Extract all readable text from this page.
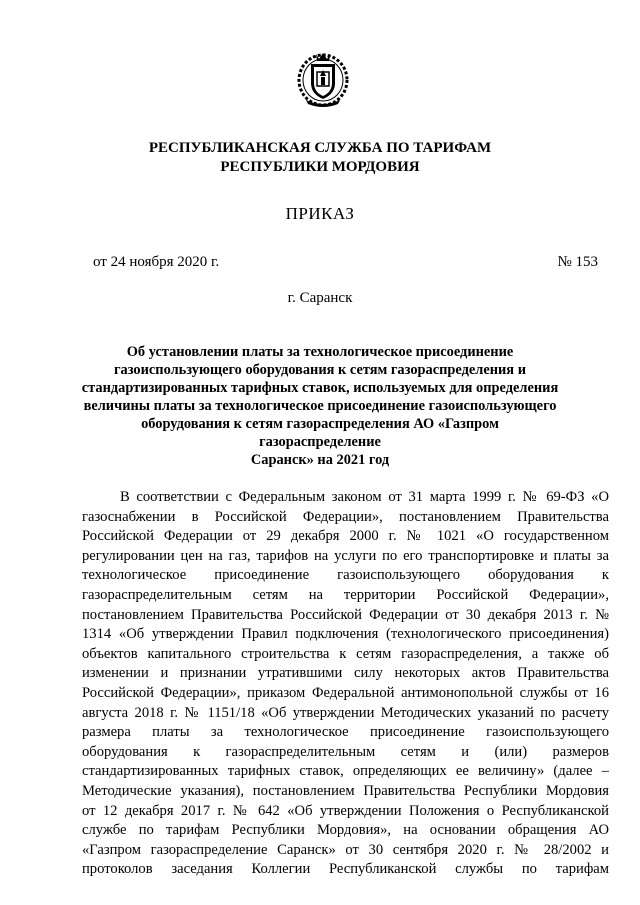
РЕСПУБЛИКАНСКАЯ СЛУЖБА ПО ТАРИФАМ
РЕСПУБЛИКИ МОРДОВИЯ
ПРИКАЗ
от 24 ноября 2020 г.	№ 153
г. Саранск
Об установлении платы за технологическое присоединение
газоиспользующего оборудования к сетям газораспределения и
стандартизированных тарифных ставок, используемых для определения
величины платы за технологическое присоединение газоиспользующего
оборудования к сетям газораспределения АО «Газпром газораспределение
Саранск» на 2021 год
В соответствии с Федеральным законом от 31 марта 1999 г. № 69-ФЗ «О
газоснабжении в Российской Федерации», постановлением Правительства
Российской Федерации от 29 декабря 2000 г. № 1021 «О государственном
регулировании цен на газ, тарифов на услуги по его транспортировке и платы за
технологическое присоединение газоиспользующего оборудования к
газораспределительным сетям на территории Российской Федерации»,
постановлением Правительства Российской Федерации от 30 декабря 2013 г. №
1314 «Об утверждении Правил подключения (технологического присоединения)
объектов капитального строительства к сетям газораспределения, а также об
изменении и признании утратившими силу некоторых актов Правительства
Российской Федерации», приказом Федеральной антимонопольной службы от 16
августа 2018 г. № 1151/18 «Об утверждении Методических указаний по расчету
размера платы за технологическое присоединение газоиспользующего
оборудования к газораспределительным сетям и (или) размеров
стандартизированных тарифных ставок, определяющих ее величину» (далее –
Методические указания), постановлением Правительства Республики Мордовия
от 12 декабря 2017 г. № 642 «Об утверждении Положения о Республиканской
службе по тарифам Республики Мордовия», на основании обращения АО
«Газпром газораспределение Саранск» от 30 сентября 2020 г. № 28/2002 и
протоколов заседания Коллегии Республиканской службы по тарифам
